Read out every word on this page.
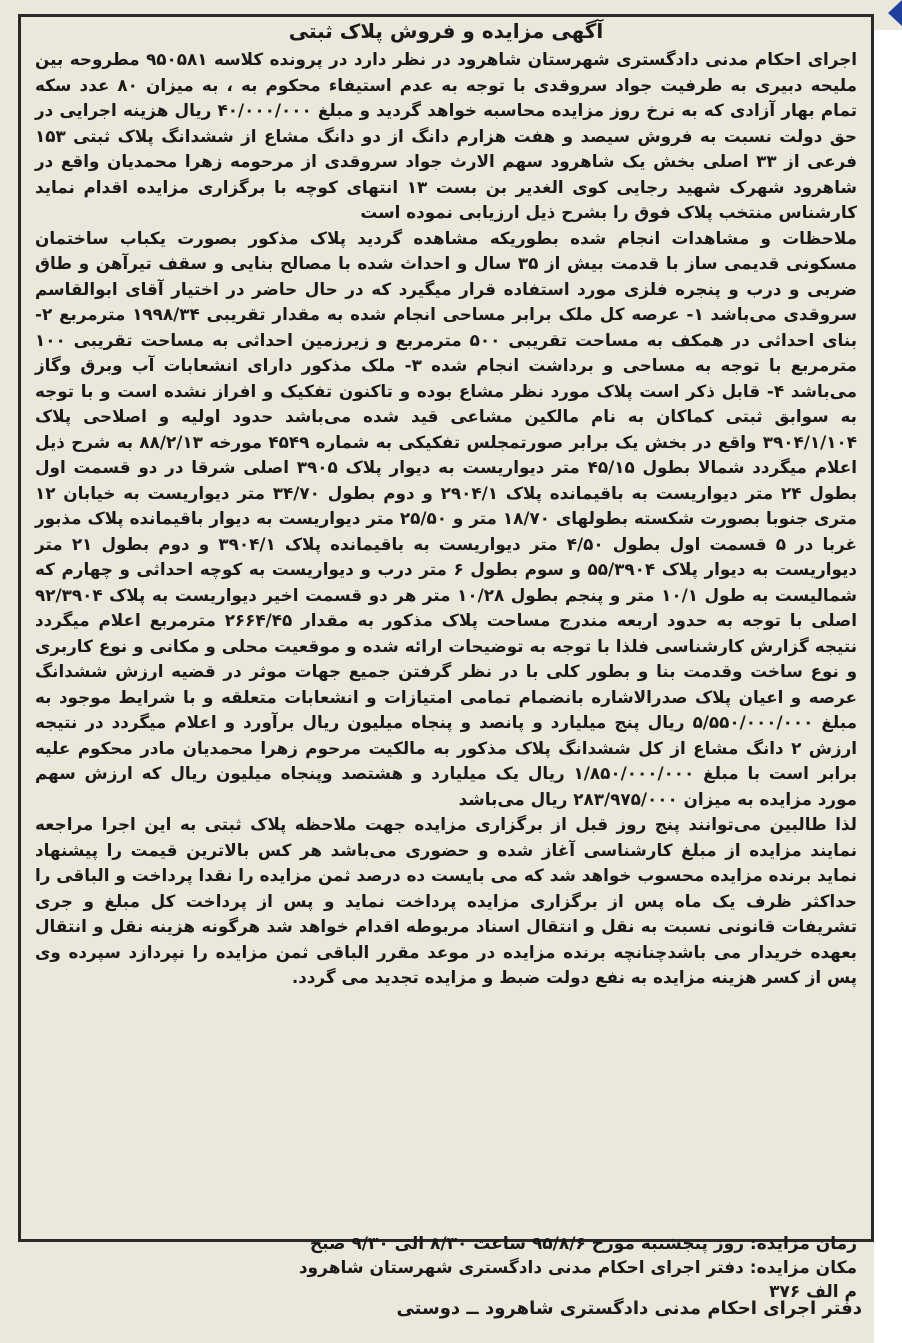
آگهی مزایده و فروش پلاک ثبتی

اجرای احکام مدنی دادگستری شهرستان شاهرود در نظر دارد در پرونده کلاسه ۹۵۰۵۸۱ مطروحه بین ملیحه دبیری به طرفیت جواد سروقدی با توجه به عدم استیفاء محکوم به ، به میزان ۸۰ عدد سکه تمام بهار آزادی که به نرخ روز مزایده محاسبه خواهد گردید و مبلغ ۴۰/۰۰۰/۰۰۰ ریال هزینه اجرایی در حق دولت نسبت به فروش سیصد و هفت هزارم دانگ از دو دانگ مشاع از ششدانگ پلاک ثبتی ۱۵۳ فرعی از ۳۳ اصلی بخش یک شاهرود سهم الارث جواد سروقدی از مرحومه زهرا محمدیان واقع در شاهرود شهرک شهید رجایی کوی الغدیر بن بست ۱۳ انتهای کوچه با برگزاری مزایده اقدام نماید کارشناس منتخب پلاک فوق را بشرح ذیل ارزیابی نموده است

ملاحظات و مشاهدات انجام شده بطوریکه مشاهده گردید پلاک مذکور بصورت یکباب ساختمان مسکونی قدیمی ساز با قدمت بیش از ۳۵ سال و احداث شده با مصالح بنایی و سقف تیرآهن و طاق ضربی و درب و پنجره فلزی مورد استفاده قرار میگیرد که در حال حاضر در اختیار آقای ابوالقاسم سروقدی می‌باشد ۱- عرصه کل ملک برابر مساحی انجام شده به مقدار تقریبی ۱۹۹۸/۳۴ مترمربع ۲- بنای احداثی در همکف به مساحت تقریبی ۵۰۰ مترمربع و زیرزمین احداثی به مساحت تقریبی ۱۰۰ مترمربع با توجه به مساحی و برداشت انجام شده ۳- ملک مذکور دارای انشعابات آب وبرق وگاز می‌باشد ۴- قابل ذکر است پلاک مورد نظر مشاع بوده و تاکنون تفکیک و افراز نشده است و با توجه به سوابق ثبتی کماکان به نام مالکین مشاعی قید شده می‌باشد حدود اولیه و اصلاحی پلاک ۳۹۰۴/۱/۱۰۴ واقع در بخش یک برابر صورتمجلس تفکیکی به شماره ۴۵۴۹ مورخه ۸۸/۲/۱۳ به شرح ذیل اعلام میگردد شمالا بطول ۴۵/۱۵ متر دیواریست به دیوار پلاک ۳۹۰۵ اصلی شرقا در دو قسمت اول بطول ۲۴ متر دیواریست به باقیمانده پلاک ۲۹۰۴/۱ و دوم بطول ۳۴/۷۰ متر دیواریست به خیابان ۱۲ متری جنوبا بصورت شکسته بطولهای ۱۸/۷۰ متر و ۲۵/۵۰ متر دیواریست به دیوار باقیمانده پلاک مذبور غربا در ۵ قسمت اول بطول ۴/۵۰ متر دیواریست به باقیمانده پلاک ۳۹۰۴/۱ و دوم بطول ۲۱ متر دیواریست به دیوار پلاک ۵۵/۳۹۰۴ و سوم بطول ۶ متر درب و دیواریست به کوچه احداثی و چهارم که شمالیست به طول ۱۰/۱ متر و پنجم بطول ۱۰/۲۸ متر هر دو قسمت اخیر دیواریست به پلاک ۹۲/۳۹۰۴ اصلی با توجه به حدود اربعه مندرج مساحت پلاک مذکور به مقدار ۲۶۶۴/۴۵ مترمربع اعلام میگردد نتیجه گزارش کارشناسی فلذا با توجه به توضیحات ارائه شده و موقعیت محلی و مکانی و نوع کاربری و نوع ساخت وقدمت بنا و بطور کلی با در نظر گرفتن جمیع جهات موثر در قضیه ارزش ششدانگ عرصه و اعیان پلاک صدرالاشاره بانضمام تمامی امتیازات و انشعابات متعلقه و با شرایط موجود به مبلغ ۵/۵۵۰/۰۰۰/۰۰۰ ریال پنج میلیارد و پانصد و پنجاه میلیون ریال برآورد و اعلام میگردد در نتیجه ارزش ۲ دانگ مشاع از کل ششدانگ پلاک مذکور به مالکیت مرحوم زهرا محمدیان مادر محکوم علیه برابر است با مبلغ ۱/۸۵۰/۰۰۰/۰۰۰ ریال یک میلیارد و هشتصد وپنجاه میلیون ریال که ارزش سهم مورد مزایده به میزان ۲۸۳/۹۷۵/۰۰۰ ریال می‌باشد

لذا طالبین می‌توانند پنج روز قبل از برگزاری مزایده جهت ملاحظه پلاک ثبتی به این اجرا مراجعه نمایند مزایده از مبلغ کارشناسی آغاز شده و حضوری می‌باشد هر کس بالاترین قیمت را پیشنهاد نماید برنده مزایده محسوب خواهد شد که می بایست ده درصد ثمن مزایده را نقدا پرداخت و الباقی را حداکثر ظرف یک ماه پس از برگزاری مزایده پرداخت نماید و پس از پرداخت کل مبلغ و جری تشریفات قانونی نسبت به نقل و انتقال اسناد مربوطه اقدام خواهد شد هرگونه هزینه نقل و انتقال بعهده خریدار می باشدچنانچه برنده مزایده در موعد مقرر الباقی ثمن مزایده را نپردازد سپرده وی پس از کسر هزینه مزایده به نفع دولت ضبط و مزایده تجدید می گردد.

زمان مزایده: روز پنجشنبه مورخ ۹۵/۸/۶ ساعت ۸/۳۰ الی ۹/۳۰ صبح
مکان مزایده: دفتر اجرای احکام مدنی دادگستری شهرستان شاهرود
م الف ۳۷۶
دفتر اجرای احکام مدنی دادگستری شاهرود ــ دوستی
